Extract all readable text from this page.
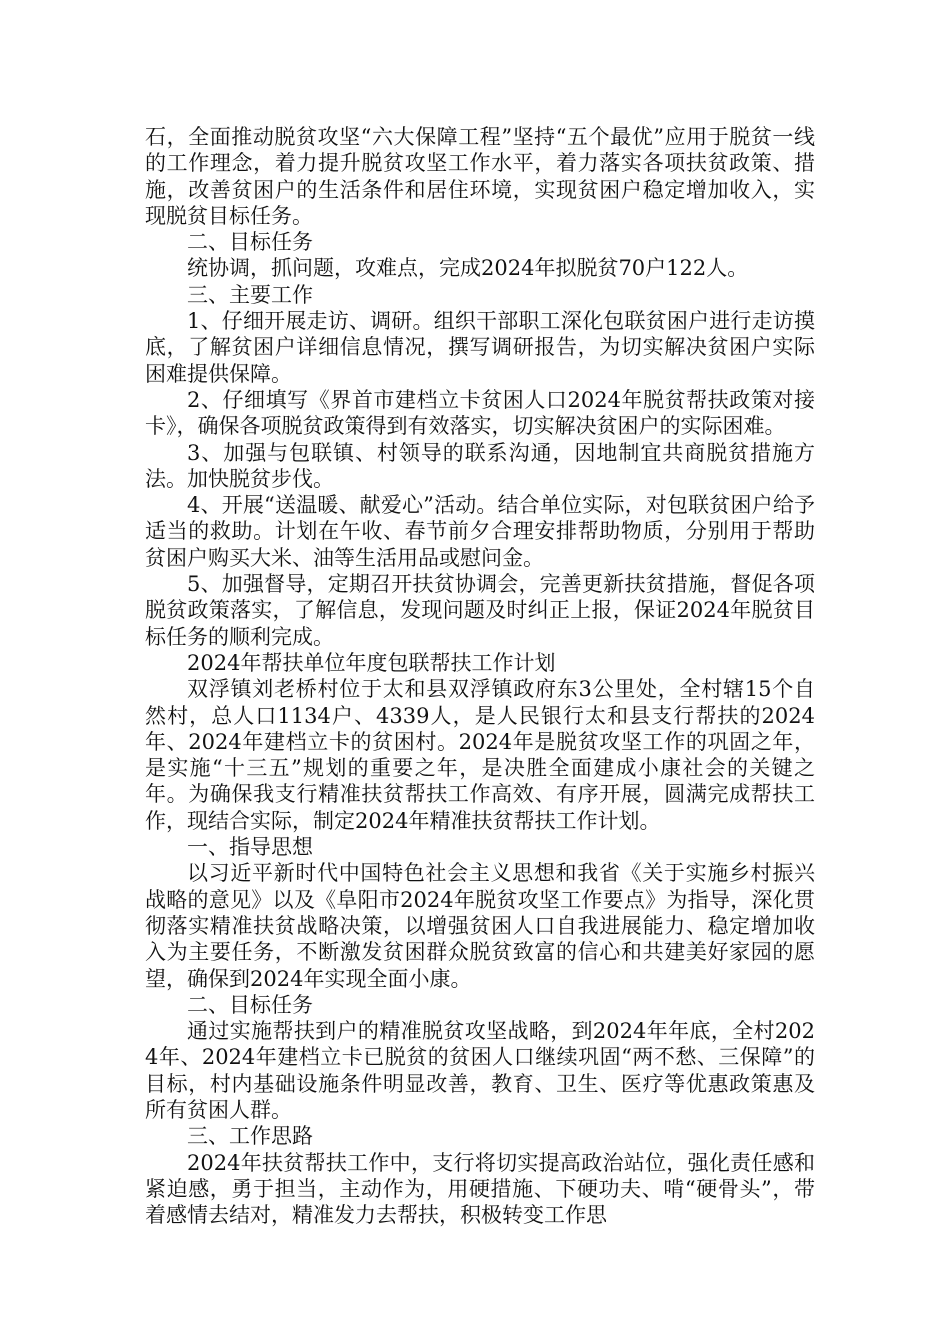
石，全面推动脱贫攻坚“六大保障工程”坚持“五个最优”应用于脱贫一线的工作理念，着力提升脱贫攻坚工作水平，着力落实各项扶贫政策、措施，改善贫困户的生活条件和居住环境，实现贫困户稳定增加收入，实现脱贫目标任务。

二、目标任务

统协调，抓问题，攻难点，完成2024年拟脱贫70户122人。

三、主要工作

1、仔细开展走访、调研。组织干部职工深化包联贫困户进行走访摸底，了解贫困户详细信息情况，撰写调研报告，为切实解决贫困户实际困难提供保障。

2、仔细填写《界首市建档立卡贫困人口2024年脱贫帮扶政策对接卡》，确保各项脱贫政策得到有效落实，切实解决贫困户的实际困难。

3、加强与包联镇、村领导的联系沟通，因地制宜共商脱贫措施方法。加快脱贫步伐。

4、开展“送温暖、献爱心”活动。结合单位实际，对包联贫困户给予适当的救助。计划在午收、春节前夕合理安排帮助物质，分别用于帮助贫困户购买大米、油等生活用品或慰问金。

5、加强督导，定期召开扶贫协调会，完善更新扶贫措施，督促各项脱贫政策落实，了解信息，发现问题及时纠正上报，保证2024年脱贫目标任务的顺利完成。

2024年帮扶单位年度包联帮扶工作计划

双浮镇刘老桥村位于太和县双浮镇政府东3公里处，全村辖15个自然村，总人口1134户、4339人，是人民银行太和县支行帮扶的2024年、2024年建档立卡的贫困村。2024年是脱贫攻坚工作的巩固之年，是实施“十三五”规划的重要之年，是决胜全面建成小康社会的关键之年。为确保我支行精准扶贫帮扶工作高效、有序开展，圆满完成帮扶工作，现结合实际，制定2024年精准扶贫帮扶工作计划。

一、指导思想

以习近平新时代中国特色社会主义思想和我省《关于实施乡村振兴战略的意见》以及《阜阳市2024年脱贫攻坚工作要点》为指导，深化贯彻落实精准扶贫战略决策，以增强贫困人口自我进展能力、稳定增加收入为主要任务，不断激发贫困群众脱贫致富的信心和共建美好家园的愿望，确保到2024年实现全面小康。

二、目标任务

通过实施帮扶到户的精准脱贫攻坚战略，到2024年年底，全村2024年、2024年建档立卡已脱贫的贫困人口继续巩固“两不愁、三保障”的目标，村内基础设施条件明显改善，教育、卫生、医疗等优惠政策惠及所有贫困人群。

三、工作思路

2024年扶贫帮扶工作中，支行将切实提高政治站位，强化责任感和紧迫感，勇于担当，主动作为，用硬措施、下硬功夫、啃“硬骨头”，带着感情去结对，精准发力去帮扶，积极转变工作思
